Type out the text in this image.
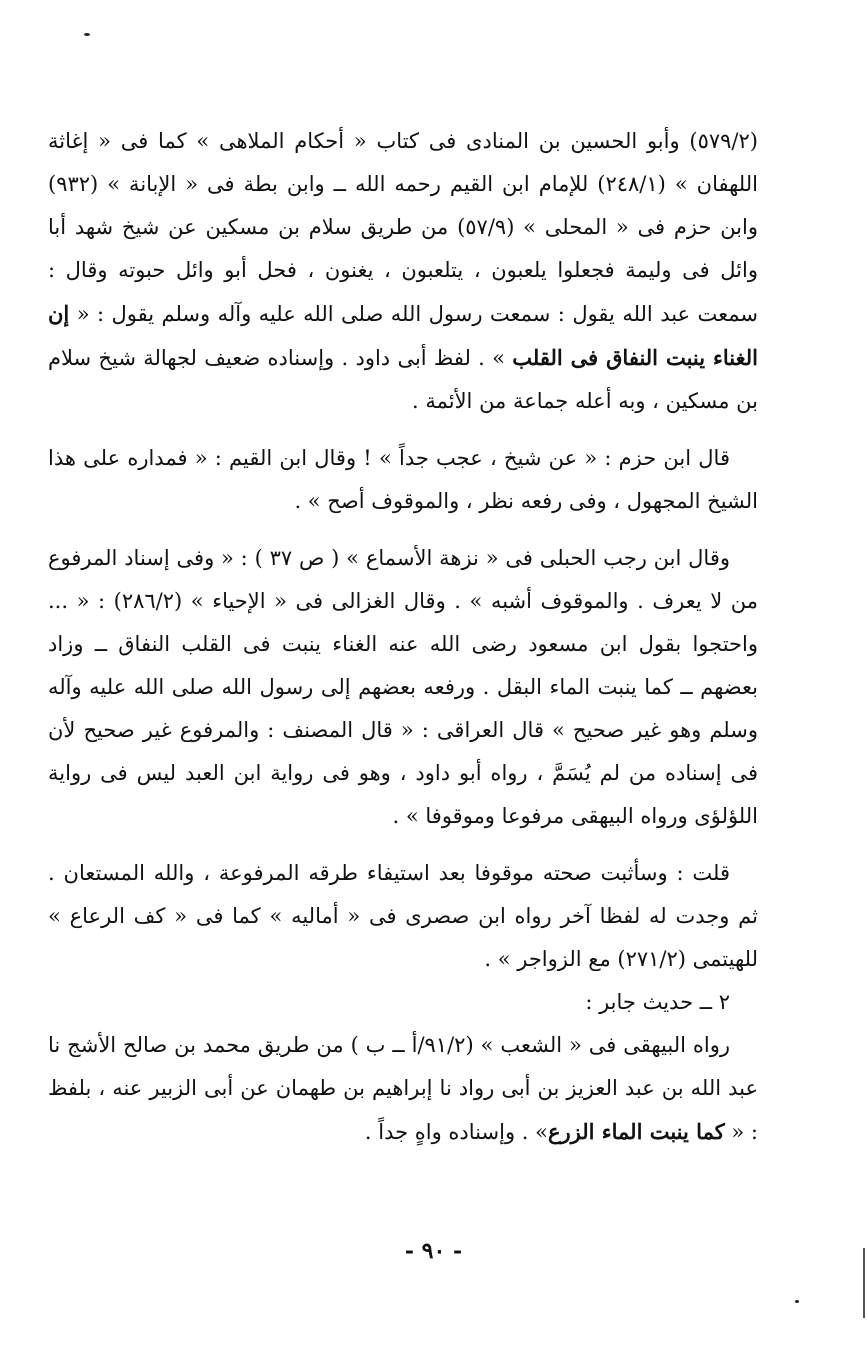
(٥٧٩/٢) وأبو الحسين بن المنادى فى كتاب « أحكام الملاهى » كما فى « إغاثة اللهفان » (٢٤٨/١) للإمام ابن القيم رحمه الله ــ وابن بطة فى « الإبانة » (٩٣٢) وابن حزم فى « المحلى » (٥٧/٩) من طريق سلام بن مسكين عن شيخ شهد أبا وائل فى وليمة فجعلوا يلعبون ، يتلعبون ، يغنون ، فحل أبو وائل حبوته وقال : سمعت عبد الله يقول : سمعت رسول الله صلى الله عليه وآله وسلم يقول : « إن الغناء ينبت النفاق فى القلب » . لفظ أبى داود . وإسناده ضعيف لجهالة شيخ سلام بن مسكين ، وبه أعله جماعة من الأئمة .

قال ابن حزم : « عن شيخ ، عجب جداً » ! وقال ابن القيم : « فمداره على هذا الشيخ المجهول ، وفى رفعه نظر ، والموقوف أصح » .

وقال ابن رجب الحبلى فى « نزهة الأسماع » ( ص ٣٧ ) : « وفى إسناد المرفوع من لا يعرف . والموقوف أشبه » . وقال الغزالى فى « الإحياء » (٢٨٦/٢) : « ... واحتجوا بقول ابن مسعود رضى الله عنه الغناء ينبت فى القلب النفاق ــ وزاد بعضهم ــ كما ينبت الماء البقل . ورفعه بعضهم إلى رسول الله صلى الله عليه وآله وسلم وهو غير صحيح » قال العراقى : « قال المصنف : والمرفوع غير صحيح لأن فى إسناده من لم يُسَمَّ ، رواه أبو داود ، وهو فى رواية ابن العبد ليس فى رواية اللؤلؤى ورواه البيهقى مرفوعا وموقوفا » .

قلت : وسأثبت صحته موقوفا بعد استيفاء طرقه المرفوعة ، والله المستعان . ثم وجدت له لفظا آخر رواه ابن صصرى فى « أماليه » كما فى « كف الرعاع » للهيتمى (٢٧١/٢) مع الزواجر » .

٢ ــ حديث جابر :

رواه البيهقى فى « الشعب » (٩١/٢/أ ــ ب ) من طريق محمد بن صالح الأشج نا عبد الله بن عبد العزيز بن أبى رواد نا إبراهيم بن طهمان عن أبى الزبير عنه ، بلفظ : « كما ينبت الماء الزرع» . وإسناده واهٍ جداً .

- ٩٠ -
